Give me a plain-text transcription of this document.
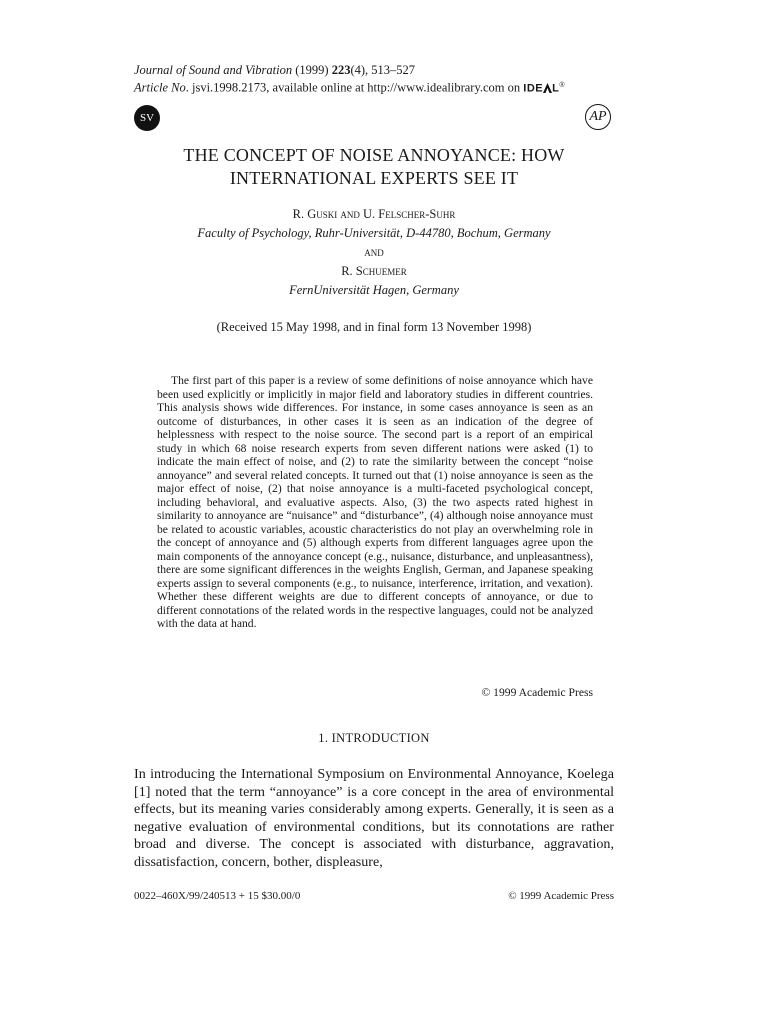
Journal of Sound and Vibration (1999) 223(4), 513–527
Article No. jsvi.1998.2173, available online at http://www.idealibrary.com on IDE L®
SV	AP
THE CONCEPT OF NOISE ANNOYANCE: HOW
INTERNATIONAL EXPERTS SEE IT
R. Guski and U. Felscher-Suhr
Faculty of Psychology, Ruhr-Universität, D-44780, Bochum, Germany
and
R. Schuemer
FernUniversität Hagen, Germany
(Received 15 May 1998, and in final form 13 November 1998)
The first part of this paper is a review of some definitions of noise annoyance which have been used explicitly or implicitly in major field and laboratory studies in different countries. This analysis shows wide differences. For instance, in some cases annoyance is seen as an outcome of disturbances, in other cases it is seen as an indication of the degree of helplessness with respect to the noise source. The second part is a report of an empirical study in which 68 noise research experts from seven different nations were asked (1) to indicate the main effect of noise, and (2) to rate the similarity between the concept “noise annoyance” and several related concepts. It turned out that (1) noise annoyance is seen as the major effect of noise, (2) that noise annoyance is a multi-faceted psychological concept, including behavioral, and evaluative aspects. Also, (3) the two aspects rated highest in similarity to annoyance are “nuisance” and “disturbance”, (4) although noise annoyance must be related to acoustic variables, acoustic characteristics do not play an overwhelming role in the concept of annoyance and (5) although experts from different languages agree upon the main components of the annoyance concept (e.g., nuisance, disturbance, and unpleasantness), there are some significant differences in the weights English, German, and Japanese speaking experts assign to several components (e.g., to nuisance, interference, irritation, and vexation). Whether these different weights are due to different concepts of annoyance, or due to different connotations of the related words in the respective languages, could not be analyzed with the data at hand.
© 1999 Academic Press
1. INTRODUCTION
In introducing the International Symposium on Environmental Annoyance, Koelega [1] noted that the term “annoyance” is a core concept in the area of environmental effects, but its meaning varies considerably among experts. Generally, it is seen as a negative evaluation of environmental conditions, but its connotations are rather broad and diverse. The concept is associated with disturbance, aggravation, dissatisfaction, concern, bother, displeasure,
0022–460X/99/240513 + 15 $30.00/0	© 1999 Academic Press
